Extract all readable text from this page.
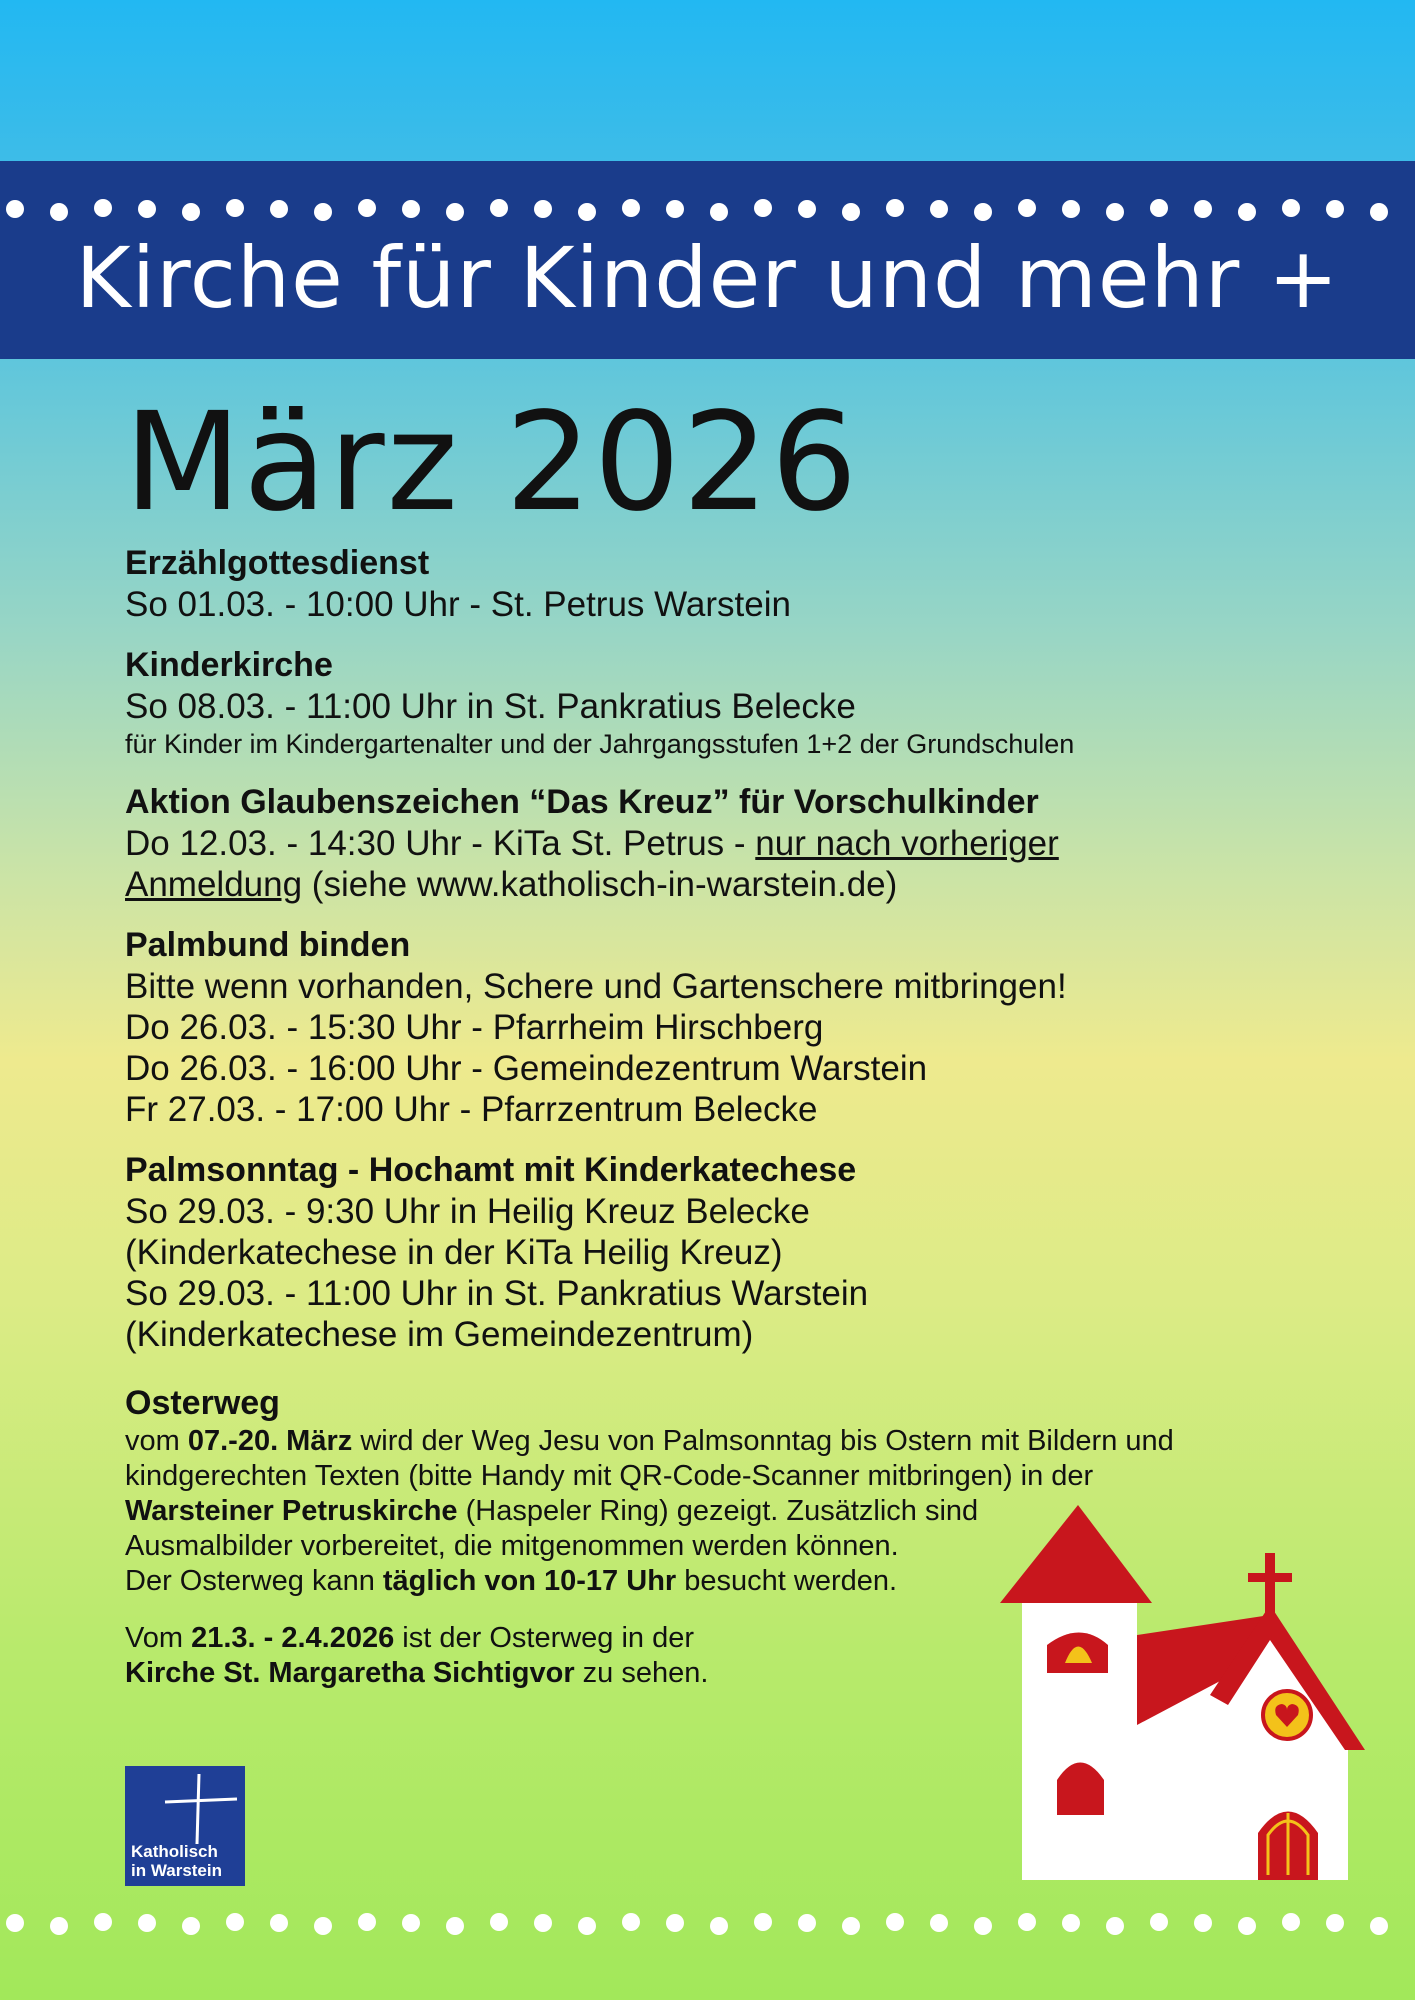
Kirche für Kinder und mehr +
März 2026
Erzählgottesdienst
So 01.03. - 10:00 Uhr - St. Petrus Warstein
Kinderkirche
So 08.03. - 11:00 Uhr in St. Pankratius Belecke
für Kinder im Kindergartenalter und der Jahrgangsstufen 1+2 der Grundschulen
Aktion Glaubenszeichen “Das Kreuz” für Vorschulkinder
Do 12.03. - 14:30 Uhr - KiTa St. Petrus - nur nach vorheriger
Anmeldung (siehe www.katholisch-in-warstein.de)
Palmbund binden
Bitte wenn vorhanden, Schere und Gartenschere mitbringen!
Do 26.03. - 15:30 Uhr - Pfarrheim Hirschberg
Do 26.03. - 16:00 Uhr - Gemeindezentrum Warstein
Fr 27.03. - 17:00 Uhr - Pfarrzentrum Belecke
Palmsonntag - Hochamt mit Kinderkatechese
So 29.03. - 9:30 Uhr in Heilig Kreuz Belecke
(Kinderkatechese in der KiTa Heilig Kreuz)
So 29.03. - 11:00 Uhr in St. Pankratius Warstein
(Kinderkatechese im Gemeindezentrum)
Osterweg
vom 07.-20. März wird der Weg Jesu von Palmsonntag bis Ostern mit Bildern und
kindgerechten Texten (bitte Handy mit QR-Code-Scanner mitbringen) in der
Warsteiner Petruskirche (Haspeler Ring) gezeigt. Zusätzlich sind
Ausmalbilder vorbereitet, die mitgenommen werden können.
Der Osterweg kann täglich von 10-17 Uhr besucht werden.
Vom 21.3. - 2.4.2026 ist der Osterweg in der
Kirche St. Margaretha Sichtigvor zu sehen.
Katholisch
in Warstein
